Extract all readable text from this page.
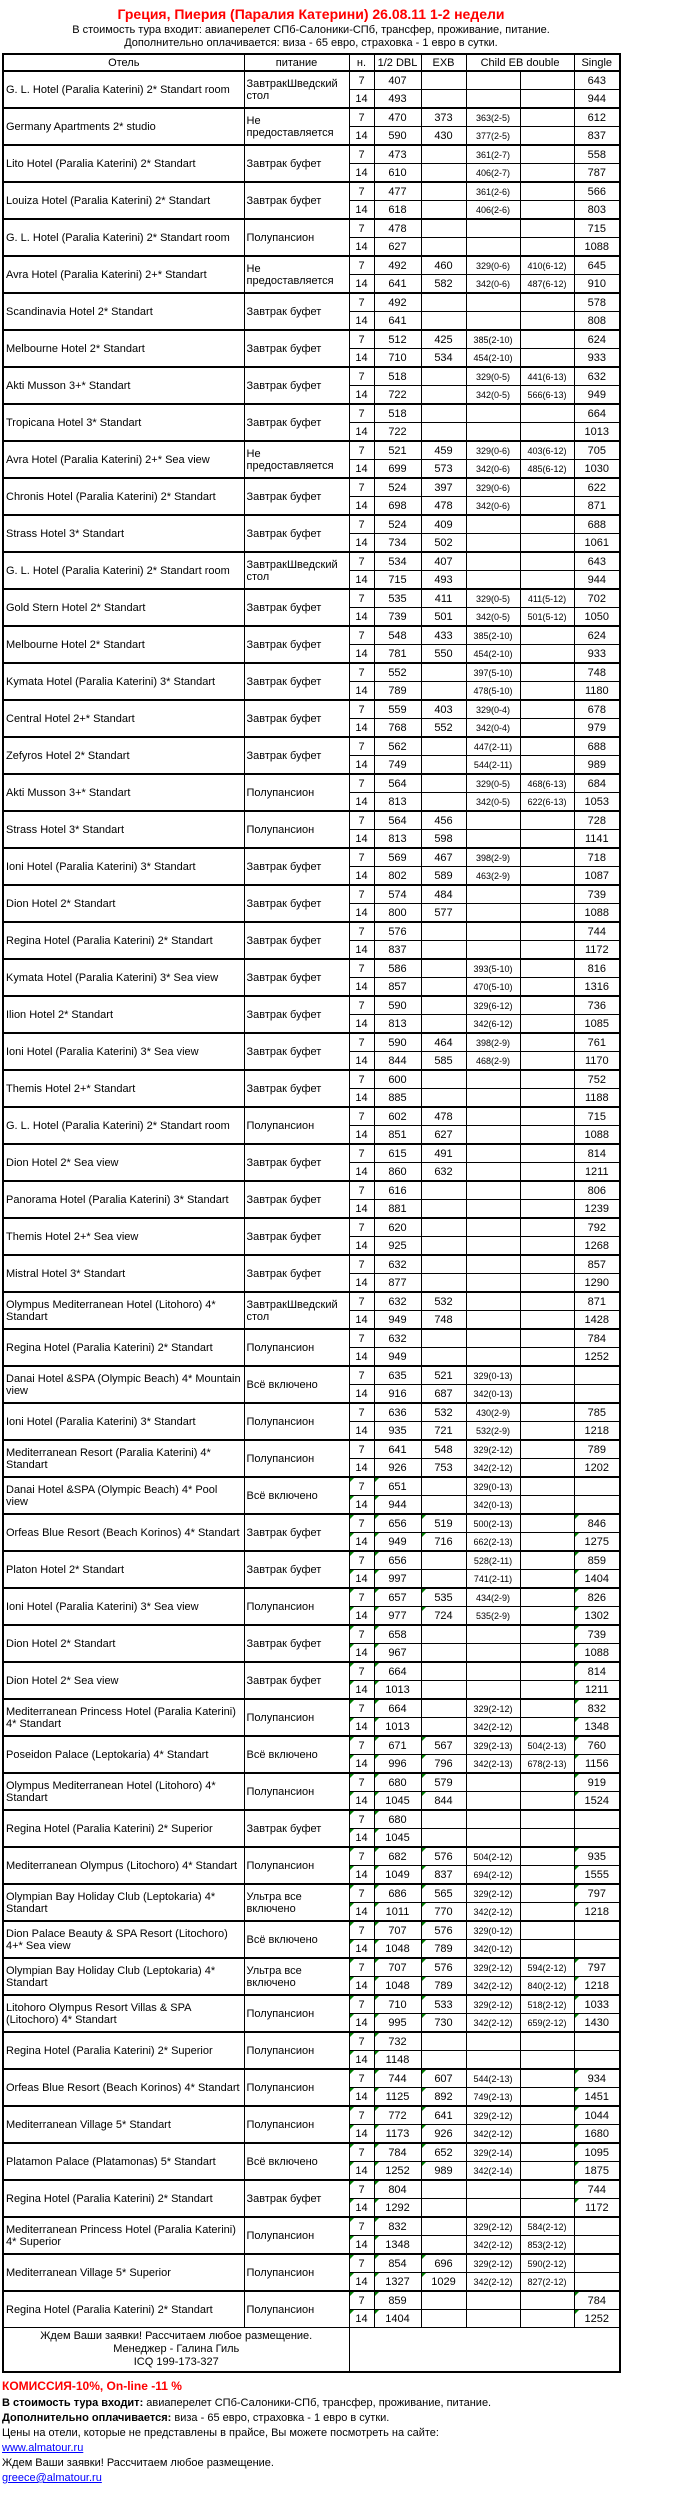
Греция, Пиерия (Паралия Катерини) 26.08.11 1-2 недели
В стоимость тура входит: авиаперелет СПб-Салоники-СПб, трансфер, проживание, питание.
Дополнительно оплачивается: виза - 65 евро, страховка - 1 евро в сутки.
Отель	питание	н.	1/2 DBL	EXB	Child EB double		Single
G. L. Hotel (Paralia Katerini) 2* Standart room	ЗавтракШведский стол	7	407				643
		14	493				944
Germany Apartments 2* studio	Не предоставляется	7	470	373	363(2-5)		612
		14	590	430	377(2-5)		837
Lito Hotel (Paralia Katerini) 2* Standart	Завтрак буфет	7	473		361(2-7)		558
		14	610		406(2-7)		787
Louiza Hotel (Paralia Katerini) 2* Standart	Завтрак буфет	7	477		361(2-6)		566
		14	618		406(2-6)		803
G. L. Hotel (Paralia Katerini) 2* Standart room	Полупансион	7	478				715
		14	627				1088
Avra Hotel (Paralia Katerini) 2+* Standart	Не предоставляется	7	492	460	329(0-6)	410(6-12)	645
		14	641	582	342(0-6)	487(6-12)	910
Scandinavia Hotel 2* Standart	Завтрак буфет	7	492				578
		14	641				808
Melbourne Hotel 2* Standart	Завтрак буфет	7	512	425	385(2-10)		624
		14	710	534	454(2-10)		933
Akti Musson 3+* Standart	Завтрак буфет	7	518		329(0-5)	441(6-13)	632
		14	722		342(0-5)	566(6-13)	949
Tropicana Hotel 3* Standart	Завтрак буфет	7	518				664
		14	722				1013
Avra Hotel (Paralia Katerini) 2+* Sea view	Не предоставляется	7	521	459	329(0-6)	403(6-12)	705
		14	699	573	342(0-6)	485(6-12)	1030
Chronis Hotel (Paralia Katerini) 2* Standart	Завтрак буфет	7	524	397	329(0-6)		622
		14	698	478	342(0-6)		871
Strass Hotel 3* Standart	Завтрак буфет	7	524	409			688
		14	734	502			1061
G. L. Hotel (Paralia Katerini) 2* Standart room	ЗавтракШведский стол	7	534	407			643
		14	715	493			944
Gold Stern Hotel 2* Standart	Завтрак буфет	7	535	411	329(0-5)	411(5-12)	702
		14	739	501	342(0-5)	501(5-12)	1050
Melbourne Hotel 2* Standart	Завтрак буфет	7	548	433	385(2-10)		624
		14	781	550	454(2-10)		933
Kymata Hotel (Paralia Katerini) 3* Standart	Завтрак буфет	7	552		397(5-10)		748
		14	789		478(5-10)		1180
Central Hotel 2+* Standart	Завтрак буфет	7	559	403	329(0-4)		678
		14	768	552	342(0-4)		979
Zefyros Hotel 2* Standart	Завтрак буфет	7	562		447(2-11)		688
		14	749		544(2-11)		989
Akti Musson 3+* Standart	Полупансион	7	564		329(0-5)	468(6-13)	684
		14	813		342(0-5)	622(6-13)	1053
Strass Hotel 3* Standart	Полупансион	7	564	456			728
		14	813	598			1141
Ioni Hotel (Paralia Katerini) 3* Standart	Завтрак буфет	7	569	467	398(2-9)		718
		14	802	589	463(2-9)		1087
Dion Hotel 2* Standart	Завтрак буфет	7	574	484			739
		14	800	577			1088
Regina Hotel (Paralia Katerini) 2* Standart	Завтрак буфет	7	576				744
		14	837				1172
Kymata Hotel (Paralia Katerini) 3* Sea view	Завтрак буфет	7	586		393(5-10)		816
		14	857		470(5-10)		1316
Ilion Hotel 2* Standart	Завтрак буфет	7	590		329(6-12)		736
		14	813		342(6-12)		1085
Ioni Hotel (Paralia Katerini) 3* Sea view	Завтрак буфет	7	590	464	398(2-9)		761
		14	844	585	468(2-9)		1170
Themis Hotel 2+* Standart	Завтрак буфет	7	600				752
		14	885				1188
G. L. Hotel (Paralia Katerini) 2* Standart room	Полупансион	7	602	478			715
		14	851	627			1088
Dion Hotel 2* Sea view	Завтрак буфет	7	615	491			814
		14	860	632			1211
Panorama Hotel (Paralia Katerini) 3* Standart	Завтрак буфет	7	616				806
		14	881				1239
Themis Hotel 2+* Sea view	Завтрак буфет	7	620				792
		14	925				1268
Mistral Hotel 3* Standart	Завтрак буфет	7	632				857
		14	877				1290
Olympus Mediterranean Hotel (Litohoro) 4* Standart	ЗавтракШведский стол	7	632	532			871
		14	949	748			1428
Regina Hotel (Paralia Katerini) 2* Standart	Полупансион	7	632				784
		14	949				1252
Danai Hotel &SPA (Olympic Beach) 4* Mountain view	Всё включено	7	635	521	329(0-13)		
		14	916	687	342(0-13)		
Ioni Hotel (Paralia Katerini) 3* Standart	Полупансион	7	636	532	430(2-9)		785
		14	935	721	532(2-9)		1218
Mediterranean Resort (Paralia Katerini) 4* Standart	Полупансион	7	641	548	329(2-12)		789
		14	926	753	342(2-12)		1202
Danai Hotel &SPA (Olympic Beach) 4* Pool view	Всё включено	7	651		329(0-13)		
		14	944		342(0-13)		
Orfeas Blue Resort (Beach Korinos) 4* Standart	Завтрак буфет	7	656	519	500(2-13)		846
		14	949	716	662(2-13)		1275
Platon Hotel 2* Standart	Завтрак буфет	7	656		528(2-11)		859
		14	997		741(2-11)		1404
Ioni Hotel (Paralia Katerini) 3* Sea view	Полупансион	7	657	535	434(2-9)		826
		14	977	724	535(2-9)		1302
Dion Hotel 2* Standart	Завтрак буфет	7	658				739
		14	967				1088
Dion Hotel 2* Sea view	Завтрак буфет	7	664				814
		14	1013				1211
Mediterranean Princess Hotel (Paralia Katerini) 4* Standart	Полупансион	7	664		329(2-12)		832
		14	1013		342(2-12)		1348
Poseidon Palace (Leptokaria) 4* Standart	Всё включено	7	671	567	329(2-13)	504(2-13)	760
		14	996	796	342(2-13)	678(2-13)	1156
Olympus Mediterranean Hotel (Litohoro) 4* Standart	Полупансион	7	680	579			919
		14	1045	844			1524
Regina Hotel (Paralia Katerini) 2* Superior	Завтрак буфет	7	680				
		14	1045				
Mediterranean Olympus (Litochoro) 4* Standart	Полупансион	7	682	576	504(2-12)		935
		14	1049	837	694(2-12)		1555
Olympian Bay Holiday Club (Leptokaria) 4* Standart	Ультра все включено	7	686	565	329(2-12)		797
		14	1011	770	342(2-12)		1218
Dion Palace Beauty & SPA Resort (Litochoro) 4+* Sea view	Всё включено	7	707	576	329(0-12)		
		14	1048	789	342(0-12)		
Olympian Bay Holiday Club (Leptokaria) 4* Standart	Ультра все включено	7	707	576	329(2-12)	594(2-12)	797
		14	1048	789	342(2-12)	840(2-12)	1218
Litohoro Olympus Resort Villas & SPA (Litochoro) 4* Standart	Полупансион	7	710	533	329(2-12)	518(2-12)	1033
		14	995	730	342(2-12)	659(2-12)	1430
Regina Hotel (Paralia Katerini) 2* Superior	Полупансион	7	732				
		14	1148				
Orfeas Blue Resort (Beach Korinos) 4* Standart	Полупансион	7	744	607	544(2-13)		934
		14	1125	892	749(2-13)		1451
Mediterranean Village 5* Standart	Полупансион	7	772	641	329(2-12)		1044
		14	1173	926	342(2-12)		1680
Platamon Palace (Platamonas) 5* Standart	Всё включено	7	784	652	329(2-14)		1095
		14	1252	989	342(2-14)		1875
Regina Hotel (Paralia Katerini) 2* Standart	Завтрак буфет	7	804				744
		14	1292				1172
Mediterranean Princess Hotel (Paralia Katerini) 4* Superior	Полупансион	7	832		329(2-12)	584(2-12)	
		14	1348		342(2-12)	853(2-12)	
Mediterranean Village 5* Superior	Полупансион	7	854	696	329(2-12)	590(2-12)	
		14	1327	1029	342(2-12)	827(2-12)	
Regina Hotel (Paralia Katerini) 2* Standart	Полупансион	7	859				784
		14	1404				1252

Ждем Ваши заявки! Рассчитаем любое размещение.
Менеджер - Галина Гиль
ICQ 199-173-327							

КОМИССИЯ-10%, On-line -11 %
В стоимость тура входит: авиаперелет СПб-Салоники-СПб, трансфер, проживание, питание.
Дополнительно оплачивается: виза - 65 евро, страховка - 1 евро в сутки.
Цены на отели, которые не представлены в прайсе, Вы можете посмотреть на сайте:
www.almatour.ru
Ждем Ваши заявки! Рассчитаем любое размещение.
greece@almatour.ru
